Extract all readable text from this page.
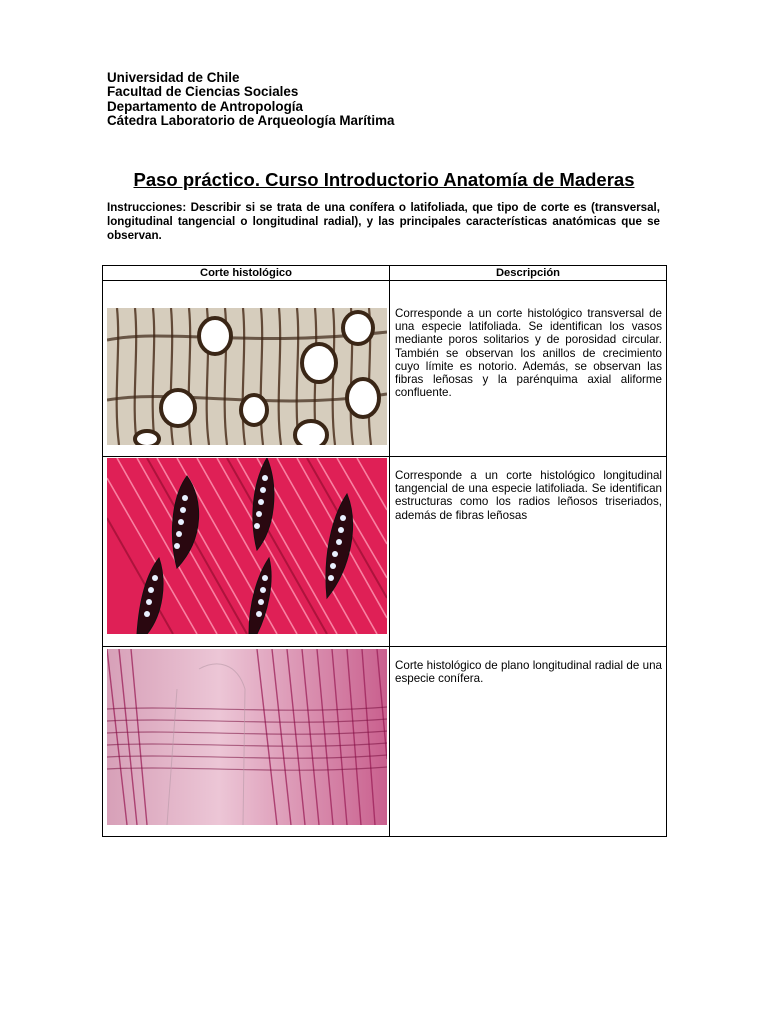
Universidad de Chile
Facultad de Ciencias Sociales
Departamento de Antropología
Cátedra Laboratorio de Arqueología Marítima
Paso práctico. Curso Introductorio Anatomía de Maderas
Instrucciones: Describir si se trata de una conífera o latifoliada, que tipo de corte es (transversal, longitudinal tangencial o longitudinal radial), y las principales características anatómicas que se observan.
Corte histológico	Descripción

Corresponde a un corte histológico transversal de una especie latifoliada. Se identifican los vasos mediante poros solitarios y de porosidad circular. También se observan los anillos de crecimiento cuyo límite es notorio. Además, se observan las fibras leñosas y la parénquima axial aliforme confluente.

Corresponde a un corte histológico longitudinal tangencial de una especie latifoliada. Se identifican estructuras como los radios leñosos triseriados, además de fibras leñosas

Corte histológico de plano longitudinal radial de una especie conífera.
